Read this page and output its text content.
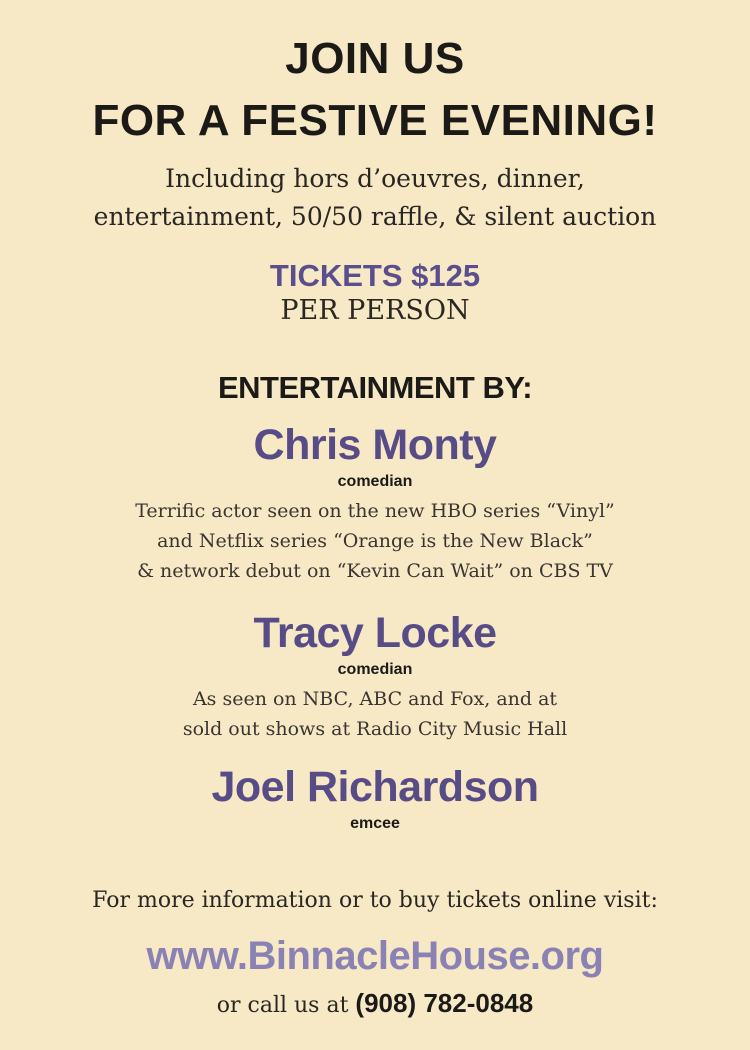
JOIN US
FOR A FESTIVE EVENING!
Including hors d’oeuvres, dinner,
entertainment, 50/50 raffle, & silent auction
TICKETS $125
PER PERSON
ENTERTAINMENT BY:
Chris Monty
comedian
Terrific actor seen on the new HBO series “Vinyl”
and Netflix series “Orange is the New Black”
& network debut on “Kevin Can Wait” on CBS TV
Tracy Locke
comedian
As seen on NBC, ABC and Fox, and at
sold out shows at Radio City Music Hall
Joel Richardson
emcee
For more information or to buy tickets online visit:
www.BinnacleHouse.org
or call us at (908) 782-0848
